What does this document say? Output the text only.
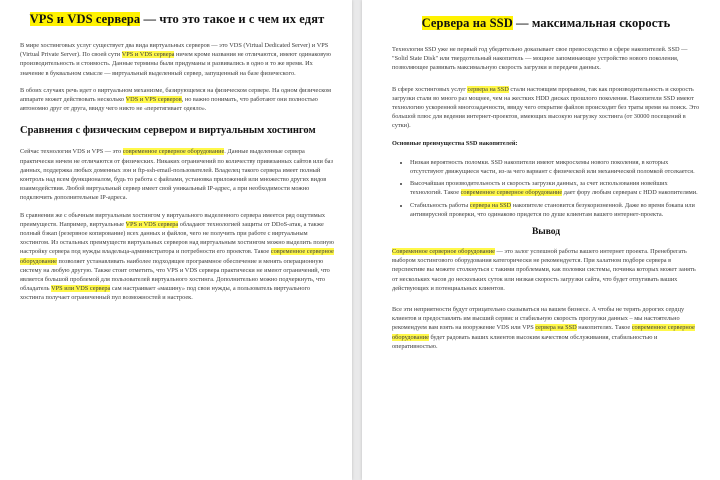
VPS и VDS сервера — что это такое и с чем их едят

В мире хостинговых услуг существует два вида виртуальных серверов — это VDS (Virtual Dedicated Server) и VPS (Virtual Private Server). По своей сути VPS и VDS сервера ничем кроме названия не отличаются, имеют одинаковую производительность и стоимость. Данные термины были придуманы и развивались в одно и то же время. Их значение в буквальном смысле — виртуальный выделенный сервер, запущенный на базе физического.

В обоих случаях речь идет о виртуальном механизме, базирующемся на физическом сервере. На одном физическом аппарате может действовать несколько VDS и VPS серверов, но важно понимать, что работают они полностью автономно друг от друга, ввиду чего никто не «перетягивает одеяло».

Сравнения с физическим сервером и виртуальным хостингом

Сейчас технология VDS и VPS — это современное серверное оборудование. Данные выделенные сервера практически ничем не отличаются от физических. Никаких ограничений по количеству привязанных сайтов или баз данных, поддержка любых доменных зон и ftp-ssh-email-пользователей. Владелец такого сервера имеет полный контроль над всем функционалом, будь то работа с файлами, установка приложений или множество других видов взаимодействия. Любой виртуальный сервер имеет свой уникальный IP-адрес, а при необходимости можно подключить дополнительные IP-адреса.

В сравнении же с обычным виртуальным хостингом у виртуального выделенного сервера имеется ряд ощутимых преимуществ. Например, виртуальные VPS и VDS сервера обладают технологией защиты от DDoS-атак, а также полный бэкап (резервное копирование) всех данных и файлов, чего не получить при работе с виртуальным хостингом. Из остальных преимуществ виртуальных серверов над виртуальным хостингом можно выделить полную настройку сервера под нужды владельца-администратора и потребности его проектов. Такое современное серверное оборудование позволяет устанавливать наиболее подходящее программное обеспечение и менять операционную систему на любую другую. Также стоит отметить, что VPS и VDS сервера практически не имеют ограничений, что является большой проблемой для пользователей виртуального хостинга. Дополнительно можно подчеркнуть, что обладатель VPS или VDS сервера сам настраивает «машину» под свои нужды, а пользователь виртуального хостинга получает ограниченный пул возможностей и настроек.

Сервера на SSD — максимальная скорость

Технология SSD уже не первый год убедительно доказывает свое превосходство в сфере накопителей. SSD — "Solid State Disk" или твердотельный накопитель — мощное запоминающее устройство нового поколения, позволяющее развивать максимальную скорость загрузки и передачи данных.

В сфере хостинговых услуг сервера на SSD стали настоящим прорывом, так как производительность и скорость загрузки стали во много раз мощнее, чем на жестких HDD дисках прошлого поколения. Накопители SSD имеют технологию ускоренной многозадачности, ввиду чего открытие файлов происходит без траты время на поиск. Это большой плюс для ведения интернет-проектов, имеющих высокую нагрузку хостинга (от 30000 посещений в сутки).

Основные преимущества SSD накопителей:

• Низкая вероятность поломки. SSD накопители имеют микросхемы нового поколения, в которых отсутствуют движущиеся части, из-за чего вариант с физической или механической поломкой отсекается.
• Высочайшая производительность и скорость загрузки данных, за счет использования новейших технологий. Такое современное серверное оборудование дает фору любым серверам с HDD накопителями.
• Стабильность работы сервера на SSD накопителе становится безукоризненной. Даже во время бэкапа или антивирусной проверки, что одинаково придется по душе клиентам вашего интернет-проекта.
Вывод

Современное серверное оборудование — это залог успешной работы вашего интернет проекта. Пренебрегать выбором хостингового оборудования категорически не рекомендуется. При халатном подборе сервера в перспективе вы можете столкнуться с такими проблемами, как поломки системы, починка которых может занять от нескольких часов до нескольких суток или низкая скорость загрузки сайта, что будет отпугивать ваших действующих и потенциальных клиентов.

Все эти неприятности будут отрицательно сказываться на вашем бизнесе. А чтобы не терять дорогих сердцу клиентов и предоставлять им высший сервис и стабильную скорость прогрузки данных – мы настоятельно рекомендуем вам взять на вооружение VDS или VPS сервера на SSD накопителях. Такое современное серверное оборудование будет радовать ваших клиентов высоким качеством обслуживания, стабильностью и оперативностью.
